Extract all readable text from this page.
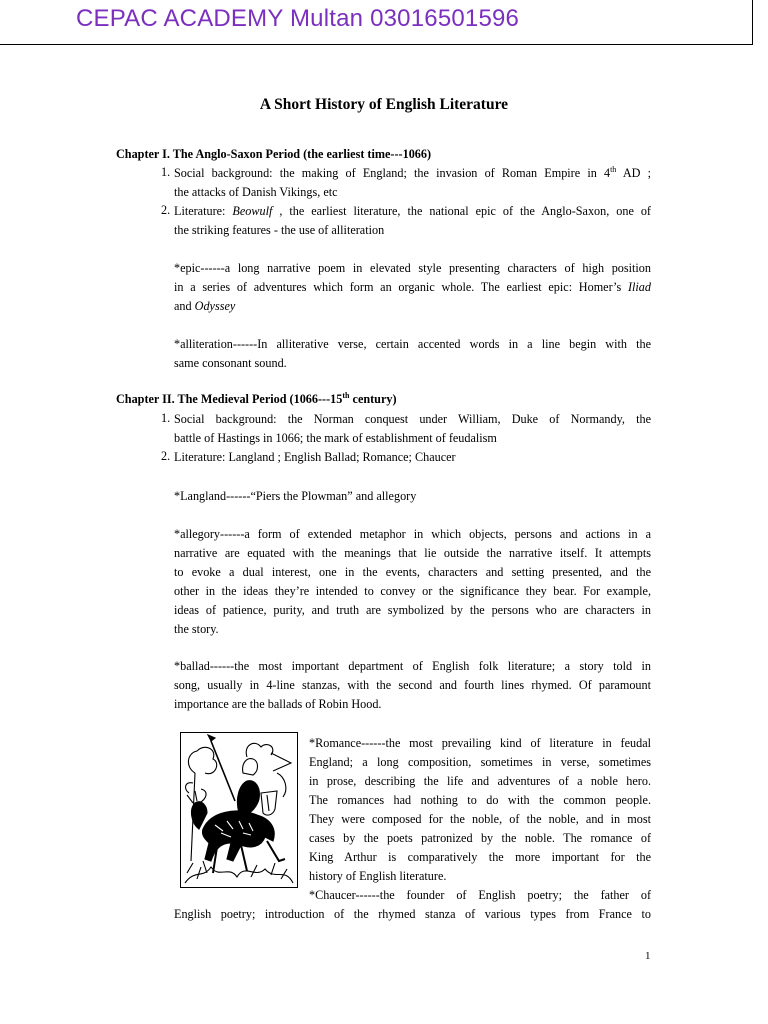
CEPAC ACADEMY Multan 03016501596
A Short History of English Literature
Chapter I. The Anglo-Saxon Period (the earliest time---1066)
1. Social background: the making of England; the invasion of Roman Empire in 4th AD ;
the attacks of Danish Vikings, etc
2. Literature: Beowulf , the earliest literature, the national epic of the Anglo-Saxon, one of
the striking features - the use of alliteration
*epic------a long narrative poem in elevated style presenting characters of high position
in a series of adventures which form an organic whole. The earliest epic: Homer’s Iliad
and Odyssey
*alliteration------In alliterative verse, certain accented words in a line begin with the
same consonant sound.
Chapter II. The Medieval Period (1066---15th century)
1. Social background: the Norman conquest under William, Duke of Normandy, the
battle of Hastings in 1066; the mark of establishment of feudalism
2. Literature: Langland ; English Ballad; Romance; Chaucer
*Langland------“Piers the Plowman” and allegory
*allegory------a form of extended metaphor in which objects, persons and actions in a
narrative are equated with the meanings that lie outside the narrative itself. It attempts
to evoke a dual interest, one in the events, characters and setting presented, and the
other in the ideas they’re intended to convey or the significance they bear. For example,
ideas of patience, purity, and truth are symbolized by the persons who are characters in
the story.
*ballad------the most important department of English folk literature; a story told in
song, usually in 4-line stanzas, with the second and fourth lines rhymed. Of paramount
importance are the ballads of Robin Hood.
*Romance------the most prevailing kind of literature in feudal
England; a long composition, sometimes in verse, sometimes
in prose, describing the life and adventures of a noble hero.
The romances had nothing to do with the common people.
They were composed for the noble, of the noble, and in most
cases by the poets patronized by the noble. The romance of
King Arthur is comparatively the more important for the
history of English literature.
*Chaucer------the founder of English poetry; the father of
English poetry; introduction of the rhymed stanza of various types from France to
1
